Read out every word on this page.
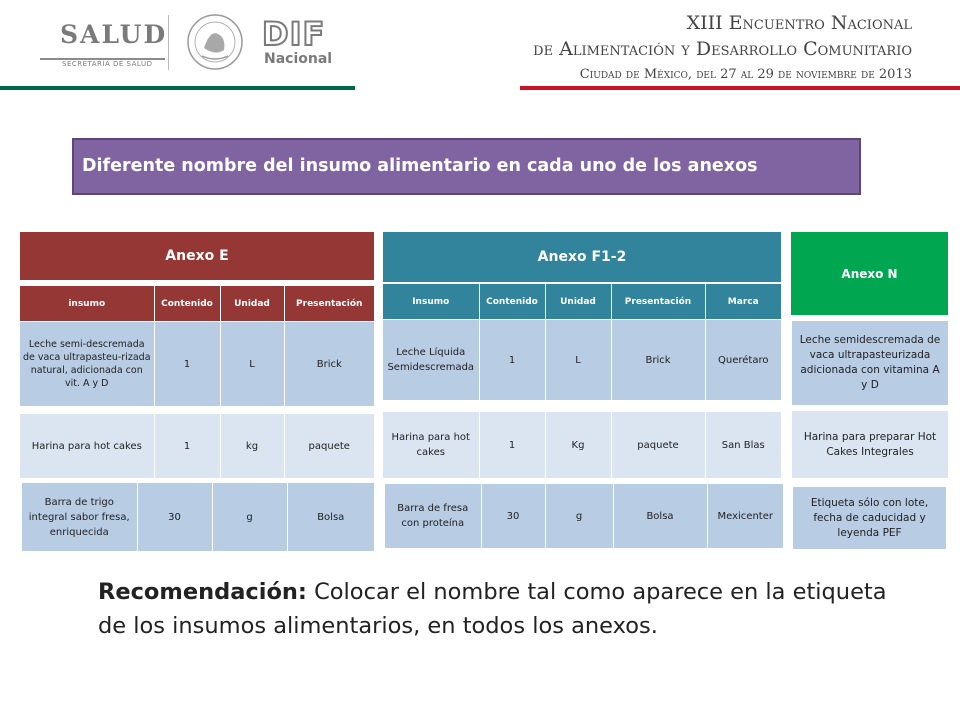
SALUD
SECRETARÍA DE SALUD
DIF
Nacional
XIII Encuentro Nacional
de Alimentación y Desarrollo Comunitario
Ciudad de México, del 27 al 29 de noviembre de 2013
Diferente nombre del insumo alimentario en cada uno de los anexos
Anexo E
insumo	Contenido	Unidad	Presentación
Leche semi-descremada de vaca ultrapasteu-rizada natural, adicionada con vit. A y D	1	L	Brick
Harina para hot cakes	1	kg	paquete
Barra de trigo integral sabor fresa, enriquecida	30	g	Bolsa
Anexo F1-2
Insumo	Contenido	Unidad	Presentación	Marca
Leche Líquida Semidescremada	1	L	Brick	Querétaro
Harina para hot cakes	1	Kg	paquete	San Blas
Barra de fresa con proteína	30	g	Bolsa	Mexicenter
Anexo N
Leche semidescremada de vaca ultrapasteurizada adicionada con vitamina A y D
Harina para preparar Hot Cakes Integrales
Etiqueta sólo con lote, fecha de caducidad y leyenda PEF
Recomendación: Colocar el nombre tal como aparece en la etiqueta de los insumos alimentarios, en todos los anexos.
